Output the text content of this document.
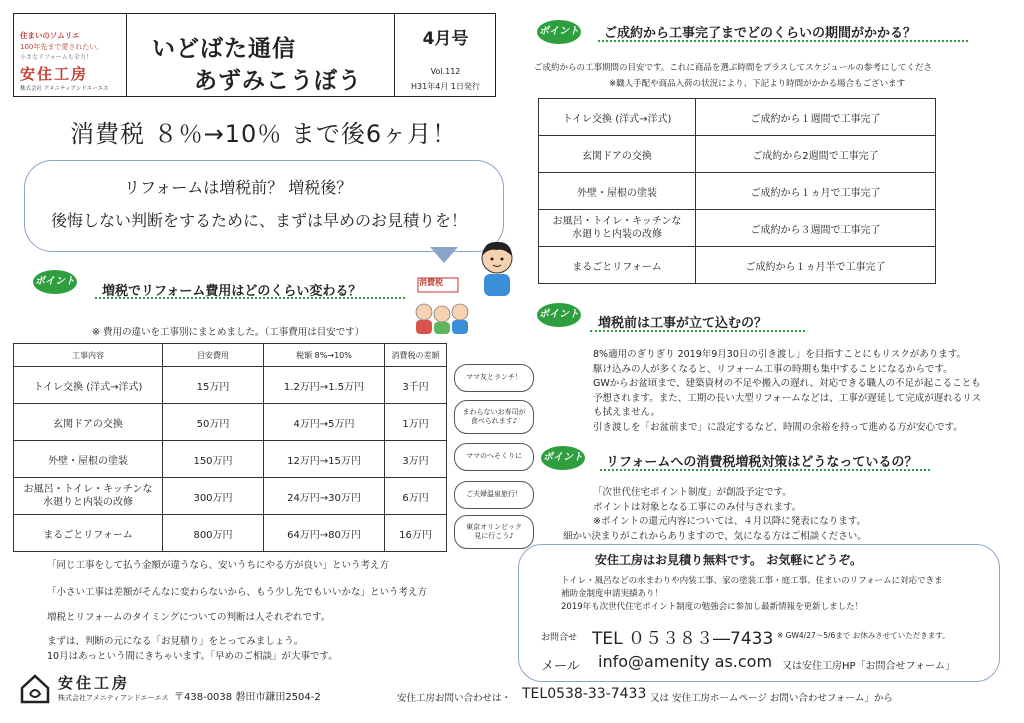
住まいのソムリエ
100年先まで愛されたい。
小さなリフォームも全力！
安住工房
株式会社 アメニティアンドエーエス
いどばた通信
あずみこうぼう
4月号
Vol.112
H31年4月 1日発行
消費税 ８％→10％ まで後6ヶ月！
リフォームは増税前？ 増税後？
後悔しない判断をするために、まずは早めのお見積りを！
消費税
ポイント
増税でリフォーム費用はどのくらい変わる？
※ 費用の違いを工事別にまとめました。（工事費用は目安です）
工事内容	目安費用	税額 8%→10%	消費税の差額
トイレ交換 (洋式→洋式)	15万円	1.2万円→1.5万円	3千円
玄関ドアの交換	50万円	4万円→5万円	1万円
外壁・屋根の塗装	150万円	12万円→15万円	3万円
お風呂・トイレ・キッチンな
水廻りと内装の改修	300万円	24万円→30万円	6万円
まるごとリフォーム	800万円	64万円→80万円	16万円
ママ友とランチ！
まわらないお寿司が
食べられます♪
ママのへそくりに
ご夫婦温泉旅行！
東京オリンピック
見に行こう♪
「同じ工事をして払う金額が違うなら、安いうちにやる方が良い」という考え方
「小さい工事は差額がそんなに変わらないから、もう少し先でもいいかな」という考え方
増税とリフォームのタイミングについての判断は人それぞれです。
まずは、判断の元になる「お見積り」をとってみましょう。
10月はあっという間にきちゃいます。「早めのご相談」が大事です。
ポイント ご成約から工事完了までどのくらいの期間がかかる？
ご成約からの工事期間の目安です。これに商品を選ぶ時間をプラスしてスケジュールの参考にしてくださ
※職人手配や商品入荷の状況により、下記より時間がかかる場合もございます
トイレ交換 (洋式→洋式)	ご成約から１週間で工事完了
玄関ドアの交換	ご成約から2週間で工事完了
外壁・屋根の塗装	ご成約から１ヵ月で工事完了
お風呂・トイレ・キッチンな
水廻りと内装の改修	ご成約から３週間で工事完了
まるごとリフォーム	ご成約から１ヵ月半で工事完了
ポイント
増税前は工事が立て込むの？
8%適用のぎりぎり 2019年9月30日の引き渡し」を目指すことにもリスクがあります。
駆け込みの人が多くなると、リフォーム工事の時期も集中することになるからです。
GWからお盆頃まで、建築資材の不足や搬入の遅れ、対応できる職人の不足が起こることも
予想されます。また、工期の長い大型リフォームなどは、工事が遅延して完成が遅れるリス
も拭えません。
引き渡しを「お盆前まで」に設定するなど、時間の余裕を持って進める方が安心です。
ポイント リフォームへの消費税増税対策はどうなっているの？
「次世代住宅ポイント制度」が創設予定です。
ポイントは対象となる工事にのみ付与されます。
※ポイントの還元内容については、４月以降に発表になります。
細かい決まりがこれからありますので、気になる方はご相談ください。
安住工房はお見積り無料です。 お気軽にどうぞ。
トイレ・風呂などの水まわりや内装工事、家の塗装工事・庭工事、住まいのリフォームに対応できま
補助金制度申請実績あり！
2019年も次世代住宅ポイント制度の勉強会に参加し最新情報を更新しました！
お問合せ TEL ０５３８３―7433 ※ GW4/27～5/6まで お休みさせていただきます。
メール info@amenity as.com 又は安住工房HP「お問合せフォーム」
安住工房
株式会社アメニティアンドエーエス 〒438-0038 磐田市鎌田2504-2	安住工房お問い合わせは・ TEL0538-33-7433 又は 安住工房ホームページ お問い合わせフォーム」から
